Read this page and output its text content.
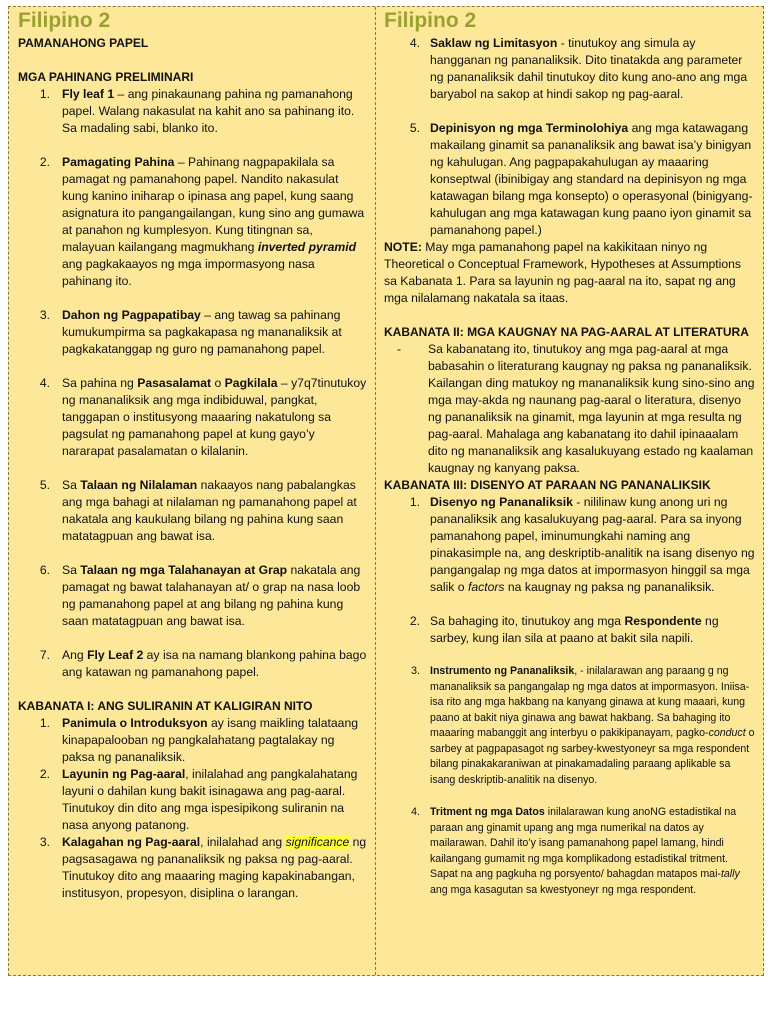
Filipino 2

PAMANAHONG PAPEL

MGA PAHINANG PRELIMINARI

1. Fly leaf 1 – ang pinakaunang pahina ng pamanahong papel. Walang nakasulat na kahit ano sa pahinang ito. Sa madaling sabi, blanko ito.
2. Pamagating Pahina – Pahinang nagpapakilala sa pamagat ng pamanahong papel. Nandito nakasulat kung kanino iniharap o ipinasa ang papel, kung saang asignatura ito pangangailangan, kung sino ang gumawa at panahon ng kumplesyon. Kung titingnan sa, malayuan kailangang magmukhang inverted pyramid ang pagkakaayos ng mga impormasyong nasa pahinang ito.
3. Dahon ng Pagpapatibay – ang tawag sa pahinang kumukumpirma sa pagkakapasa ng mananaliksik at pagkakatanggap ng guro ng pamanahong papel.
4. Sa pahina ng Pasasalamat o Pagkilala – y7q7tinutukoy ng mananaliksik ang mga indibiduwal, pangkat, tanggapan o institusyong maaaring nakatulong sa pagsulat ng pamanahong papel at kung gayo’y nararapat pasalamatan o kilalanin.
5. Sa Talaan ng Nilalaman nakaayos nang pabalangkas ang mga bahagi at nilalaman ng pamanahong papel at nakatala ang kaukulang bilang ng pahina kung saan matatagpuan ang bawat isa.
6. Sa Talaan ng mga Talahanayan at Grap nakatala ang pamagat ng bawat talahanayan at/ o grap na nasa loob ng pamanahong papel at ang bilang ng pahina kung saan matatagpuan ang bawat isa.
7. Ang Fly Leaf 2 ay isa na namang blankong pahina bago ang katawan ng pamanahong papel.

KABANATA I: ANG SULIRANIN AT KALIGIRAN NITO

1. Panimula o Introduksyon ay isang maikling talataang kinapapalooban ng pangkalahatang pagtalakay ng paksa ng pananaliksik.
2. Layunin ng Pag-aaral, inilalahad ang pangkalahatang layuni o dahilan kung bakit isinagawa ang pag-aaral. Tinutukoy din dito ang mga ispesipikong suliranin na nasa anyong patanong.
3. Kalagahan ng Pag-aaral, inilalahad ang significance ng pagsasagawa ng pananaliksik ng paksa ng pag-aaral. Tinutukoy dito ang maaaring maging kapakinabangan, institusyon, propesyon, disiplina o larangan.
Filipino 2
4. Saklaw ng Limitasyon - tinutukoy ang simula ay hangganan ng pananaliksik. Dito tinatakda ang parameter ng pananaliksik dahil tinutukoy dito kung ano-ano ang mga baryabol na sakop at hindi sakop ng pag-aaral.
5. Depinisyon ng mga Terminolohiya ang mga katawagang makailang ginamit sa pananaliksik ang bawat isa’y binigyan ng kahulugan. Ang pagpapakahulugan ay maaaring konseptwal (ibinibigay ang standard na depinisyon ng mga katawagan bilang mga konsepto) o operasyonal (binigyang-kahulugan ang mga katawagan kung paano iyon ginamit sa pamanahong papel.)

NOTE: May mga pamanahong papel na kakikitaan ninyo ng Theoretical o Conceptual Framework, Hypotheses at Assumptions sa Kabanata 1. Para sa layunin ng pag-aaral na ito, sapat ng ang mga nilalamang nakatala sa itaas.

KABANATA II: MGA KAUGNAY NA PAG-AARAL AT LITERATURA

-	Sa kabanatang ito, tinutukoy ang mga pag-aaral at mga babasahin o literaturang kaugnay ng paksa ng pananaliksik. Kailangan ding matukoy ng mananaliksik kung sino-sino ang mga may-akda ng naunang pag-aaral o literatura, disenyo ng pananaliksik na ginamit, mga layunin at mga resulta ng pag-aaral. Mahalaga ang kabanatang ito dahil ipinaaalam dito ng mananaliksik ang kasalukuyang estado ng kaalaman kaugnay ng kanyang paksa.

KABANATA III: DISENYO AT PARAAN NG PANANALIKSIK

1. Disenyo ng Pananaliksik - nililinaw kung anong uri ng pananaliksik ang kasalukuyang pag-aaral. Para sa inyong pamanahong papel, iminumungkahi naming ang pinakasimple na, ang deskriptib-analitik na isang disenyo ng pangangalap ng mga datos at impormasyon hinggil sa mga salik o factors na kaugnay ng paksa ng pananaliksik.
2. Sa bahaging ito, tinutukoy ang mga Respondente ng sarbey, kung ilan sila at paano at bakit sila napili.
3. Instrumento ng Pananaliksik, - inilalarawan ang paraang g ng mananaliksik sa pangangalap ng mga datos at impormasyon. Iniisa-isa rito ang mga hakbang na kanyang ginawa at kung maaari, kung paano at bakit niya ginawa ang bawat hakbang. Sa bahaging ito maaaring mabanggit ang interbyu o pakikipanayam, pagko-conduct o sarbey at pagpapasagot ng sarbey-kwestyoneyr sa mga respondent bilang pinakakaraniwan at pinakamadaling paraang aplikable sa isang deskriptib-analitik na disenyo.
4. Tritment ng mga Datos inilalarawan kung anoNG estadistikal na paraan ang ginamit upang ang mga numerikal na datos ay mailarawan. Dahil ito’y isang pamanahong papel lamang, hindi kailangang gumamit ng mga komplikadong estadistikal tritment. Sapat na ang pagkuha ng porsyento/ bahagdan matapos mai-tally ang mga kasagutan sa kwestyoneyr ng mga respondent.
